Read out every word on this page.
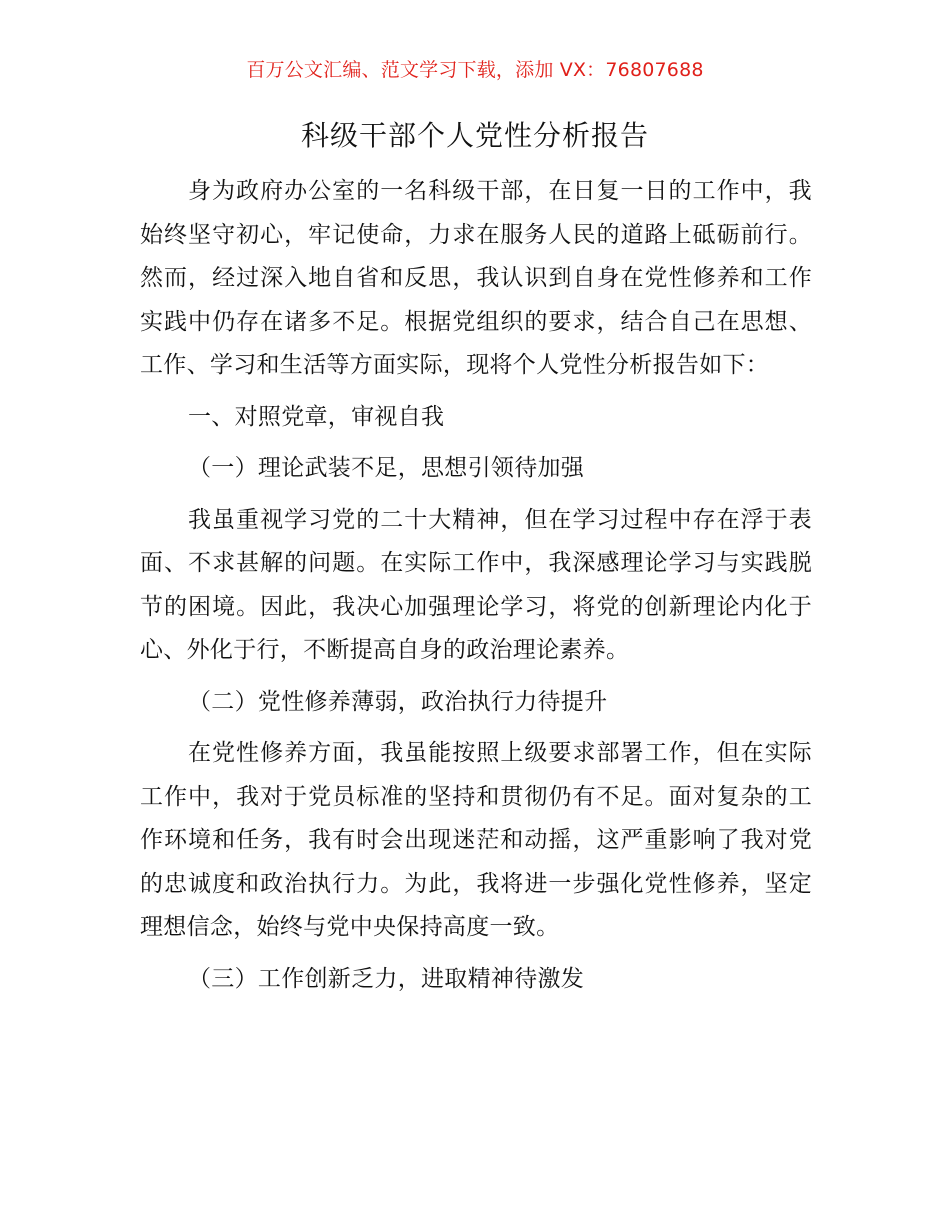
百万公文汇编、范文学习下载，添加 VX：76807688
科级干部个人党性分析报告

身为政府办公室的一名科级干部，在日复一日的工作中，我始终坚守初心，牢记使命，力求在服务人民的道路上砥砺前行。然而，经过深入地自省和反思，我认识到自身在党性修养和工作实践中仍存在诸多不足。根据党组织的要求，结合自己在思想、工作、学习和生活等方面实际，现将个人党性分析报告如下：

一、对照党章，审视自我

（一）理论武装不足，思想引领待加强

我虽重视学习党的二十大精神，但在学习过程中存在浮于表面、不求甚解的问题。在实际工作中，我深感理论学习与实践脱节的困境。因此，我决心加强理论学习，将党的创新理论内化于心、外化于行，不断提高自身的政治理论素养。

（二）党性修养薄弱，政治执行力待提升

在党性修养方面，我虽能按照上级要求部署工作，但在实际工作中，我对于党员标准的坚持和贯彻仍有不足。面对复杂的工作环境和任务，我有时会出现迷茫和动摇，这严重影响了我对党的忠诚度和政治执行力。为此，我将进一步强化党性修养，坚定理想信念，始终与党中央保持高度一致。

（三）工作创新乏力，进取精神待激发
